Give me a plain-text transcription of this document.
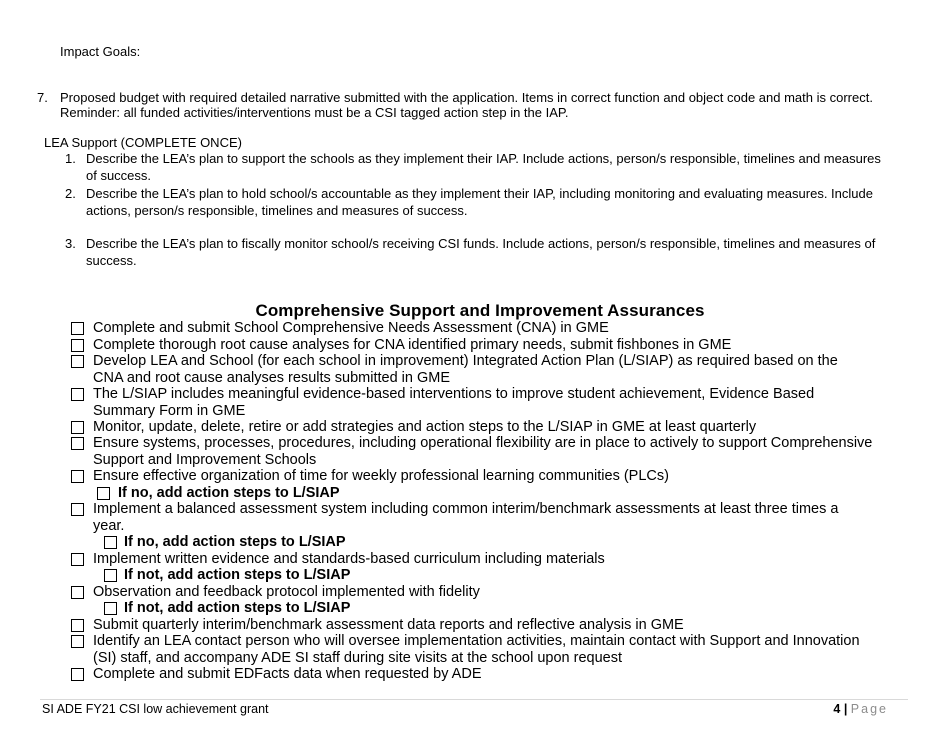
Impact Goals:
7. Proposed budget with required detailed narrative submitted with the application. Items in correct function and object code and math is correct.
Reminder: all funded activities/interventions must be a CSI tagged action step in the IAP.
LEA Support (COMPLETE ONCE)
1. Describe the LEA’s plan to support the schools as they implement their IAP. Include actions, person/s responsible, timelines and measures
of success.
2. Describe the LEA’s plan to hold school/s accountable as they implement their IAP, including monitoring and evaluating measures. Include
actions, person/s responsible, timelines and measures of success.
3. Describe the LEA’s plan to fiscally monitor school/s receiving CSI funds. Include actions, person/s responsible, timelines and measures of
success.
Comprehensive Support and Improvement Assurances
Complete and submit School Comprehensive Needs Assessment (CNA) in GME
Complete thorough root cause analyses for CNA identified primary needs, submit fishbones in GME
Develop LEA and School (for each school in improvement) Integrated Action Plan (L/SIAP) as required based on the
CNA and root cause analyses results submitted in GME
The L/SIAP includes meaningful evidence-based interventions to improve student achievement, Evidence Based
Summary Form in GME
Monitor, update, delete, retire or add strategies and action steps to the L/SIAP in GME at least quarterly
Ensure systems, processes, procedures, including operational flexibility are in place to actively to support Comprehensive
Support and Improvement Schools
Ensure effective organization of time for weekly professional learning communities (PLCs)
If no, add action steps to L/SIAP
Implement a balanced assessment system including common interim/benchmark assessments at least three times a
year.
If no, add action steps to L/SIAP
Implement written evidence and standards-based curriculum including materials
If not, add action steps to L/SIAP
Observation and feedback protocol implemented with fidelity
If not, add action steps to L/SIAP
Submit quarterly interim/benchmark assessment data reports and reflective analysis in GME
Identify an LEA contact person who will oversee implementation activities, maintain contact with Support and Innovation
(SI) staff, and accompany ADE SI staff during site visits at the school upon request
Complete and submit EDFacts data when requested by ADE
SI ADE FY21 CSI low achievement grant	4 | Page
